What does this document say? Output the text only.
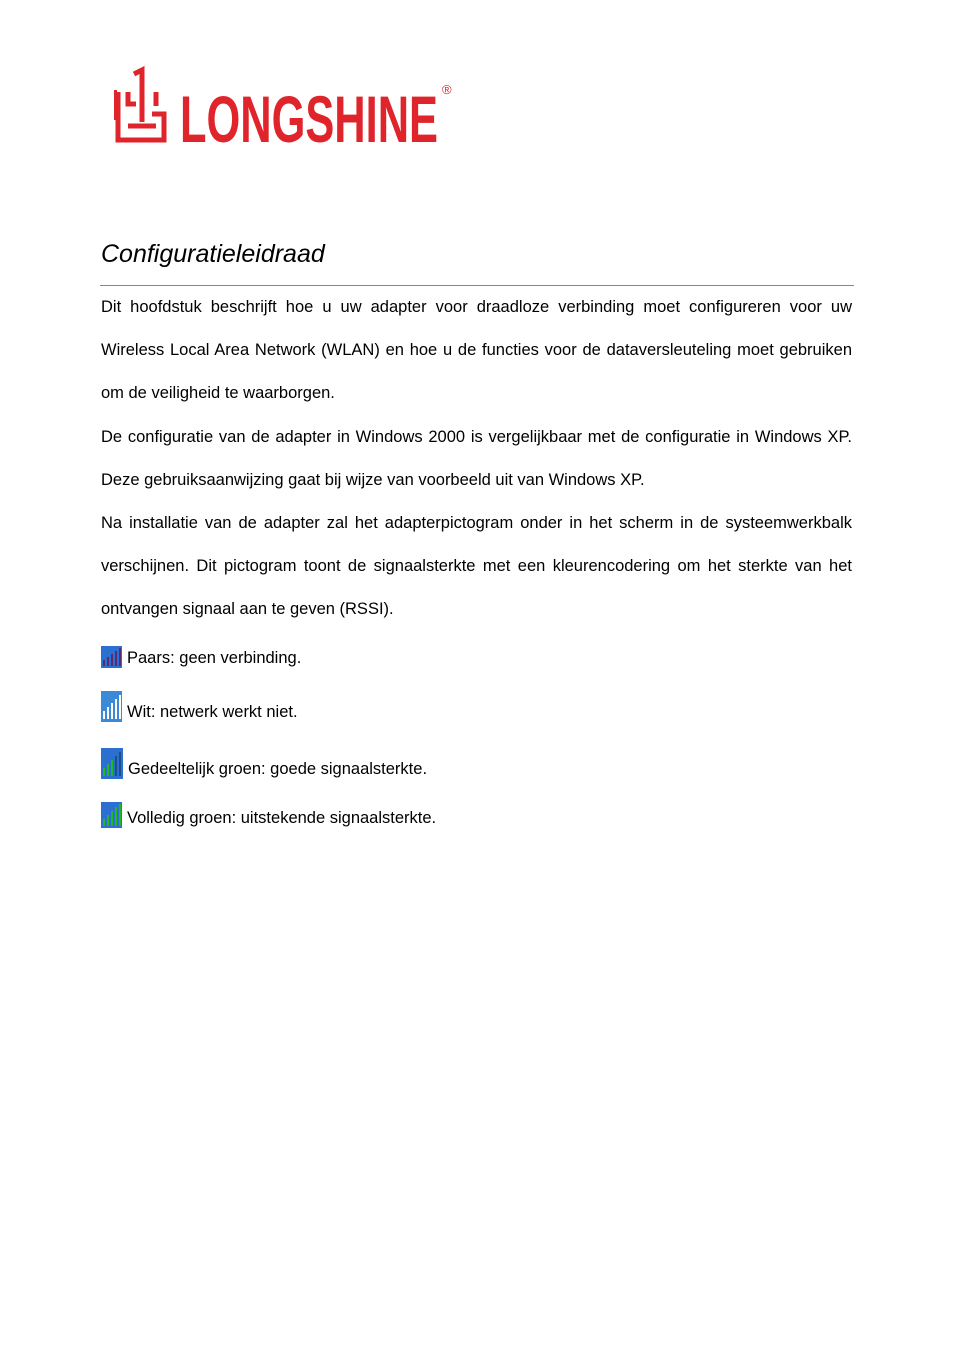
LONGSHINE ®
Configuratieleidraad

Dit hoofdstuk beschrijft hoe u uw adapter voor draadloze verbinding moet configureren voor uw Wireless Local Area Network (WLAN) en hoe u de functies voor de dataversleuteling moet gebruiken om de veiligheid te waarborgen.

De configuratie van de adapter in Windows 2000 is vergelijkbaar met de configuratie in Windows XP. Deze gebruiksaanwijzing gaat bij wijze van voorbeeld uit van Windows XP.

Na installatie van de adapter zal het adapterpictogram onder in het scherm in de systeemwerkbalk verschijnen. Dit pictogram toont de signaalsterkte met een kleurencodering om het sterkte van het ontvangen signaal aan te geven (RSSI).

Paars: geen verbinding.
Wit: netwerk werkt niet.
Gedeeltelijk groen: goede signaalsterkte.
Volledig groen: uitstekende signaalsterkte.
